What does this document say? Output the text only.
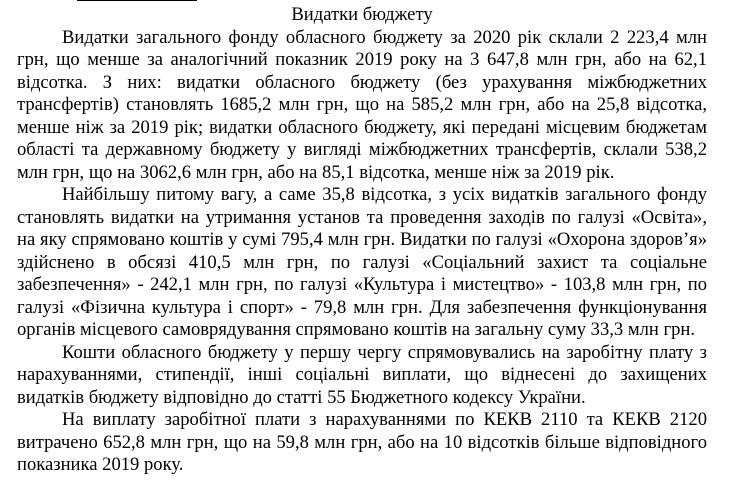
Видатки бюджету

Видатки загального фонду обласного бюджету за 2020 рік склали 2 223,4 млн грн, що менше за аналогічний показник 2019 року на 3 647,8 млн грн, або на 62,1 відсотка. З них: видатки обласного бюджету (без урахування міжбюджетних трансфертів) становлять 1685,2 млн грн, що на 585,2 млн грн, або на 25,8 відсотка, менше ніж за 2019 рік; видатки обласного бюджету, які передані місцевим бюджетам області та державному бюджету у вигляді міжбюджетних трансфертів, склали 538,2 млн грн, що на 3062,6 млн грн, або на 85,1 відсотка, менше ніж за 2019 рік.

Найбільшу питому вагу, а саме 35,8 відсотка, з усіх видатків загального фонду становлять видатки на утримання установ та проведення заходів по галузі «Освіта», на яку спрямовано коштів у сумі 795,4 млн грн. Видатки по галузі «Охорона здоров’я» здійснено в обсязі 410,5 млн грн, по галузі «Соціальний захист та соціальне забезпечення» - 242,1 млн грн, по галузі «Культура і мистецтво» - 103,8 млн грн, по галузі «Фізична культура і спорт» - 79,8 млн грн. Для забезпечення функціонування органів місцевого самоврядування спрямовано коштів на загальну суму 33,3 млн грн.

Кошти обласного бюджету у першу чергу спрямовувались на заробітну плату з нарахуваннями, стипендії, інші соціальні виплати, що віднесені до захищених видатків бюджету відповідно до статті 55 Бюджетного кодексу України.

На виплату заробітної плати з нарахуваннями по КЕКВ 2110 та КЕКВ 2120 витрачено 652,8 млн грн, що на 59,8 млн грн, або на 10 відсотків більше відповідного показника 2019 року.
